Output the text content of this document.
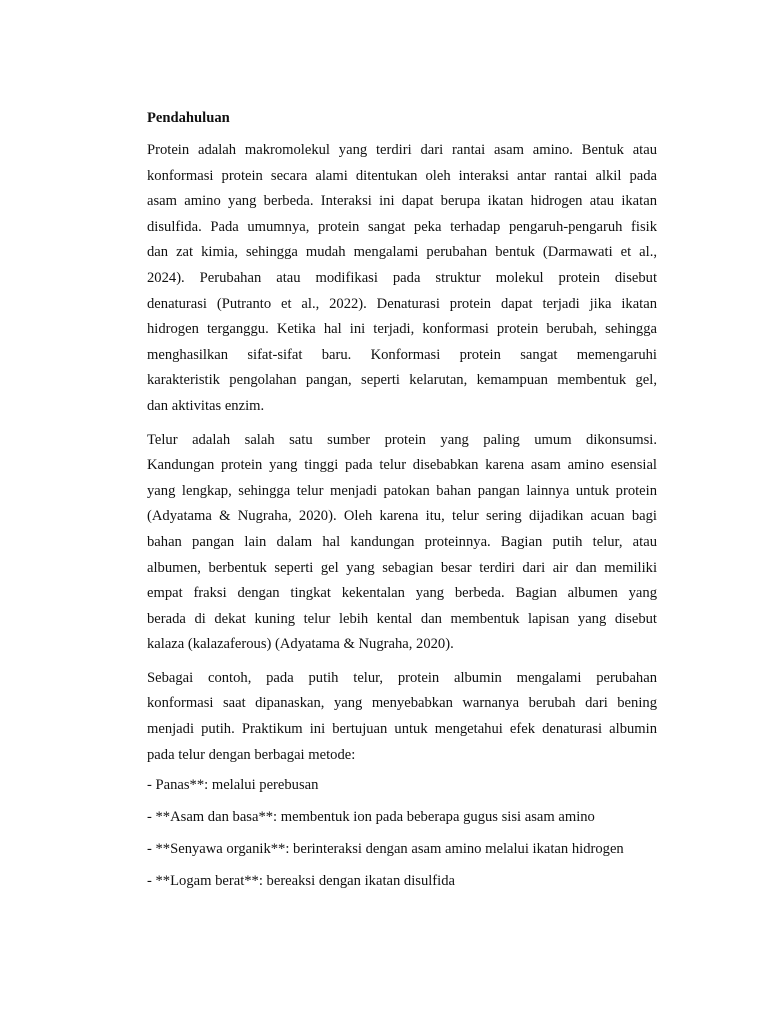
Pendahuluan
Protein adalah makromolekul yang terdiri dari rantai asam amino. Bentuk atau
konformasi protein secara alami ditentukan oleh interaksi antar rantai alkil pada
asam amino yang berbeda. Interaksi ini dapat berupa ikatan hidrogen atau ikatan
disulfida. Pada umumnya, protein sangat peka terhadap pengaruh-pengaruh fisik
dan zat kimia, sehingga mudah mengalami perubahan bentuk (Darmawati et al.,
2024). Perubahan atau modifikasi pada struktur molekul protein disebut
denaturasi (Putranto et al., 2022). Denaturasi protein dapat terjadi jika ikatan
hidrogen terganggu. Ketika hal ini terjadi, konformasi protein berubah, sehingga
menghasilkan sifat-sifat baru. Konformasi protein sangat memengaruhi
karakteristik pengolahan pangan, seperti kelarutan, kemampuan membentuk gel,
dan aktivitas enzim.
Telur adalah salah satu sumber protein yang paling umum dikonsumsi.
Kandungan protein yang tinggi pada telur disebabkan karena asam amino esensial
yang lengkap, sehingga telur menjadi patokan bahan pangan lainnya untuk protein
(Adyatama & Nugraha, 2020). Oleh karena itu, telur sering dijadikan acuan bagi
bahan pangan lain dalam hal kandungan proteinnya. Bagian putih telur, atau
albumen, berbentuk seperti gel yang sebagian besar terdiri dari air dan memiliki
empat fraksi dengan tingkat kekentalan yang berbeda. Bagian albumen yang
berada di dekat kuning telur lebih kental dan membentuk lapisan yang disebut
kalaza (kalazaferous) (Adyatama & Nugraha, 2020).
Sebagai contoh, pada putih telur, protein albumin mengalami perubahan
konformasi saat dipanaskan, yang menyebabkan warnanya berubah dari bening
menjadi putih. Praktikum ini bertujuan untuk mengetahui efek denaturasi albumin
pada telur dengan berbagai metode:
- Panas**: melalui perebusan
- **Asam dan basa**: membentuk ion pada beberapa gugus sisi asam amino
- **Senyawa organik**: berinteraksi dengan asam amino melalui ikatan hidrogen
- **Logam berat**: bereaksi dengan ikatan disulfida
